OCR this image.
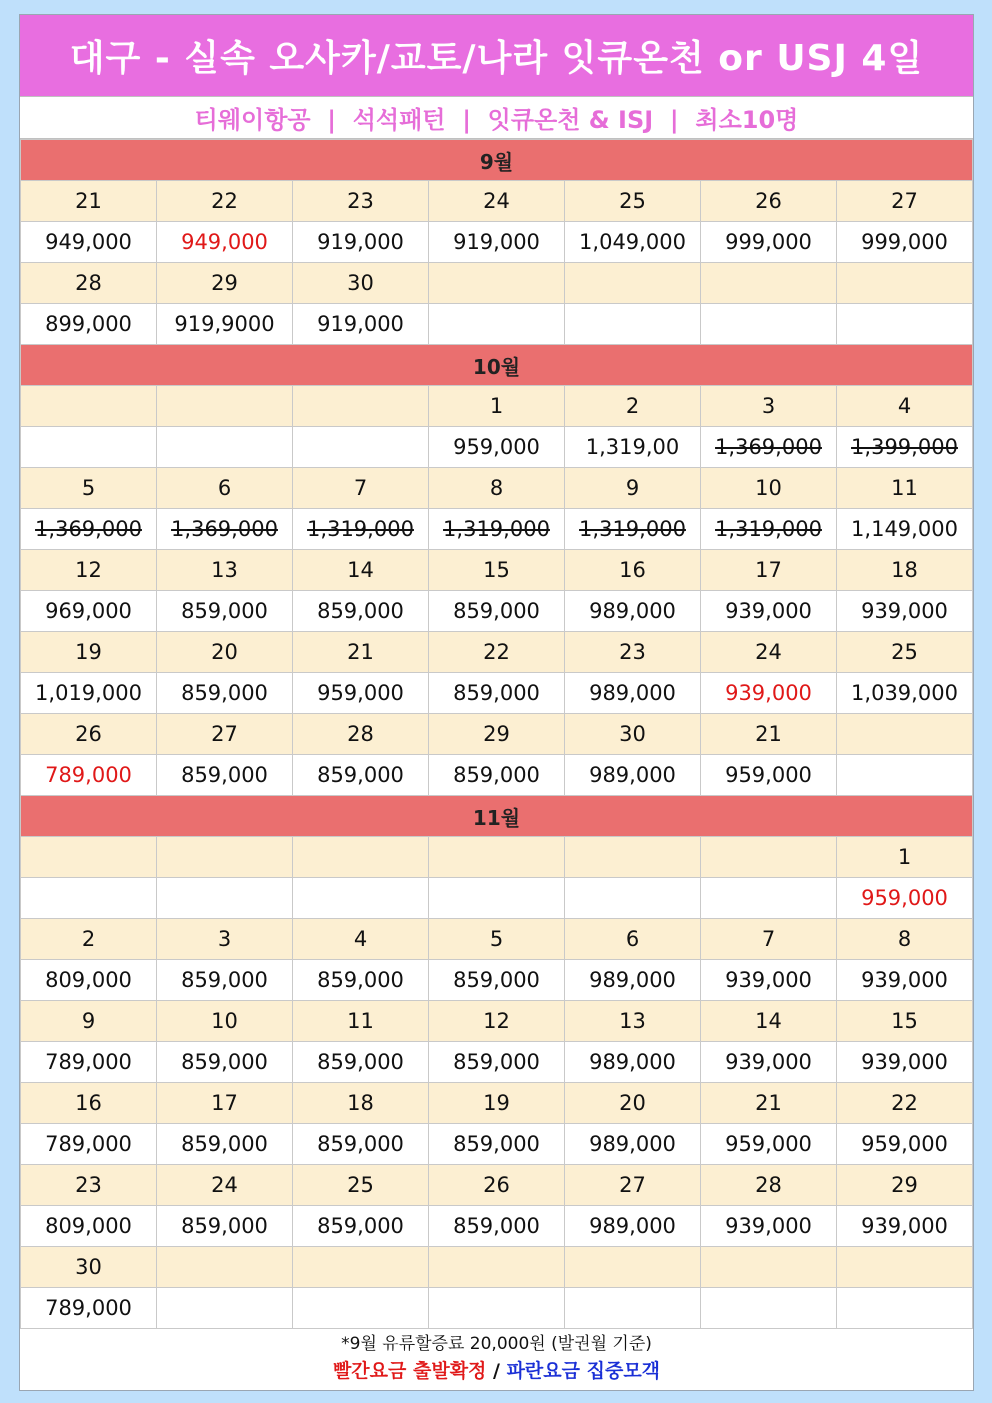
대구 - 실속 오사카/교토/나라 잇큐온천 or USJ 4일
티웨이항공  |  석석패턴  |  잇큐온천 & ISJ  |  최소10명
9월						
21	22	23	24	25	26	27
949,000	949,000	919,000	919,000	1,049,000	999,000	999,000
28	29	30				
899,000	919,9000	919,000				
10월						
			1	2	3	4
			959,000	1,319,00	1,369,000	1,399,000
5	6	7	8	9	10	11
1,369,000	1,369,000	1,319,000	1,319,000	1,319,000	1,319,000	1,149,000
12	13	14	15	16	17	18
969,000	859,000	859,000	859,000	989,000	939,000	939,000
19	20	21	22	23	24	25
1,019,000	859,000	959,000	859,000	989,000	939,000	1,039,000
26	27	28	29	30	21	
789,000	859,000	859,000	859,000	989,000	959,000	
11월						
						1
						959,000
2	3	4	5	6	7	8
809,000	859,000	859,000	859,000	989,000	939,000	939,000
9	10	11	12	13	14	15
789,000	859,000	859,000	859,000	989,000	939,000	939,000
16	17	18	19	20	21	22
789,000	859,000	859,000	859,000	989,000	959,000	959,000
23	24	25	26	27	28	29
809,000	859,000	859,000	859,000	989,000	939,000	939,000
30						
789,000						
*9월 유류할증료 20,000원 (발권월 기준)
빨간요금 출발확정 / 파란요금 집중모객
